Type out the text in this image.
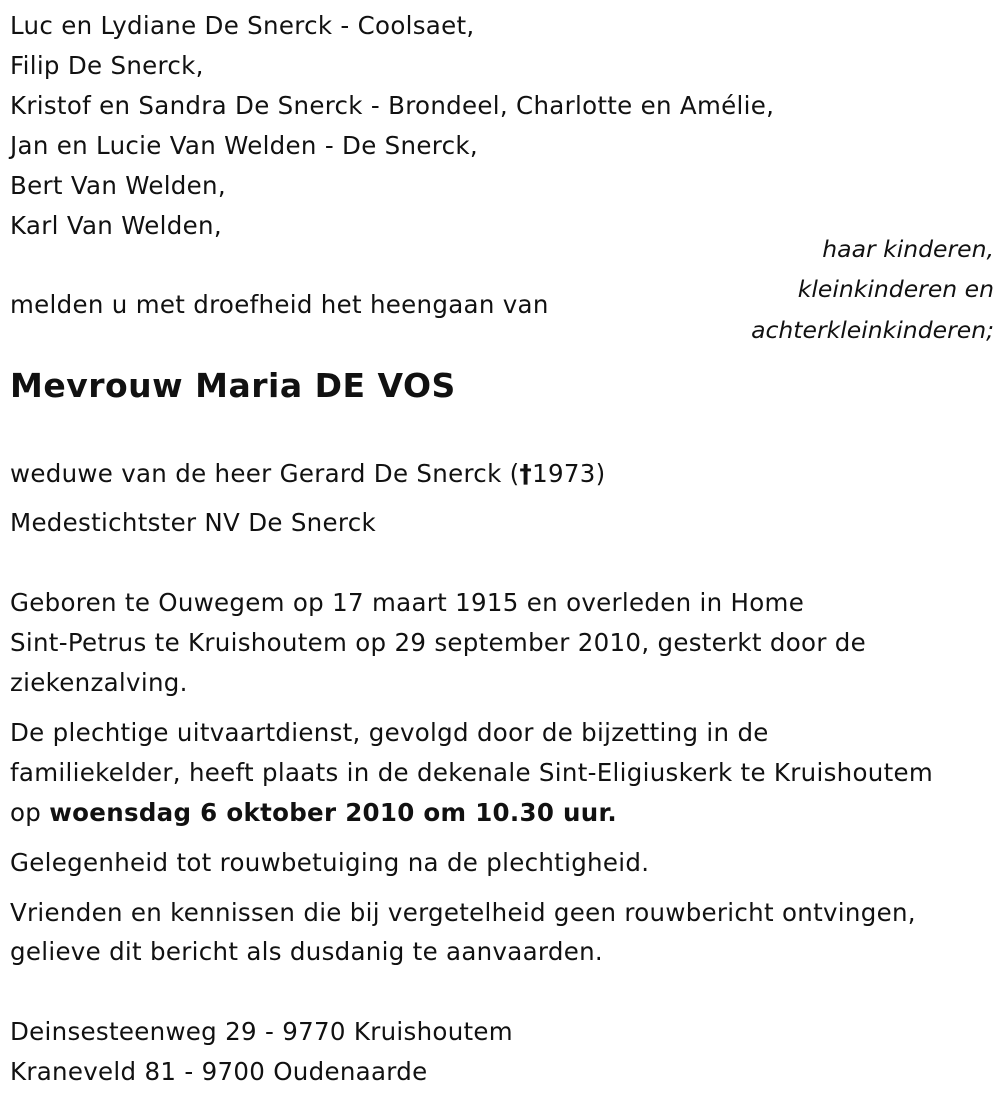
Luc en Lydiane De Snerck - Coolsaet,
Filip De Snerck,
Kristof en Sandra De Snerck - Brondeel, Charlotte en Amélie,
Jan en Lucie Van Welden - De Snerck,
Bert Van Welden,
Karl Van Welden,
haar kinderen,
kleinkinderen en
achterkleinkinderen;
melden u met droefheid het heengaan van
Mevrouw Maria DE VOS
weduwe van de heer Gerard De Snerck (†1973)
Medestichtster NV De Snerck
Geboren te Ouwegem op 17 maart 1915 en overleden in Home
Sint-Petrus te Kruishoutem op 29 september 2010, gesterkt door de
ziekenzalving.
De plechtige uitvaartdienst, gevolgd door de bijzetting in de
familiekelder, heeft plaats in de dekenale Sint-Eligiuskerk te Kruishoutem
op woensdag 6 oktober 2010 om 10.30 uur.
Gelegenheid tot rouwbetuiging na de plechtigheid.
Vrienden en kennissen die bij vergetelheid geen rouwbericht ontvingen,
gelieve dit bericht als dusdanig te aanvaarden.
Deinsesteenweg 29 - 9770 Kruishoutem
Kraneveld 81 - 9700 Oudenaarde
